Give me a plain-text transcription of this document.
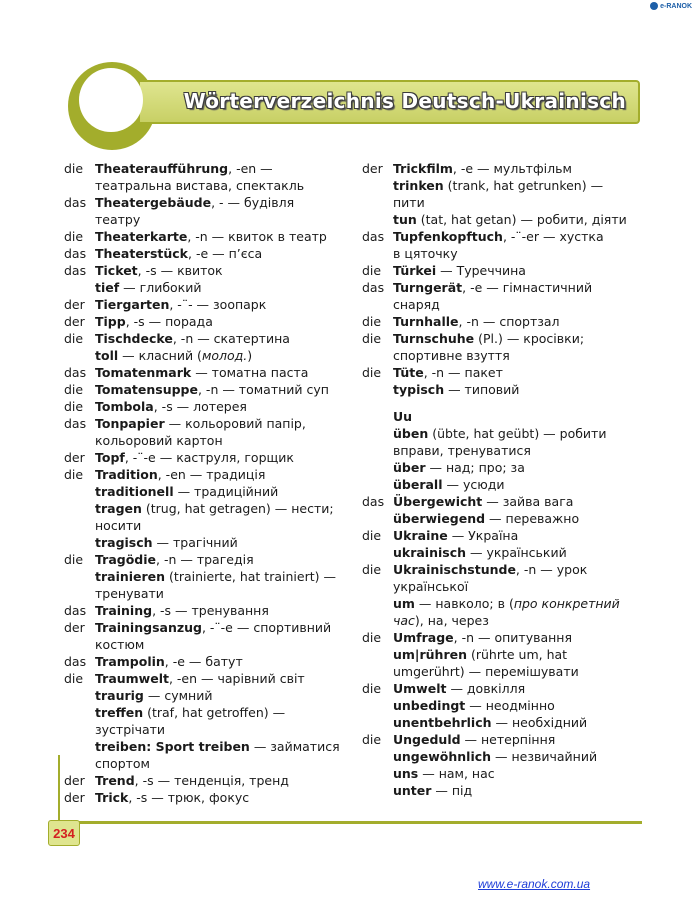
e-RANOK
Wörterverzeichnis Deutsch-Ukrainisch
die Theateraufführung, -en —
театральна вистава, спектакль
das Theatergebäude, - — будівля
театру
die Theaterkarte, -n — квиток в театр
das Theaterstück, -e — п’єса
das Ticket, -s — квиток
tief — глибокий
der Tiergarten, -¨- — зоопарк
der Tipp, -s — порада
die Tischdecke, -n — скатертина
toll — класний (молод.)
das Tomatenmark — томатна паста
die Tomatensuppe, -n — томатний суп
die Tombola, -s — лотерея
das Tonpapier — кольоровий папір,
кольоровий картон
der Topf, -¨-e — каструля, горщик
die Tradition, -en — традиція
traditionell — традиційний
tragen (trug, hat getragen) — нести;
носити
tragisch — трагічний
die Tragödie, -n — трагедія
trainieren (trainierte, hat trainiert) —
тренувати
das Training, -s — тренування
der Trainingsanzug, -¨-e — спортивний
костюм
das Trampolin, -e — батут
die Traumwelt, -en — чарівний світ
traurig — сумний
treffen (traf, hat getroffen) —
зустрічати
treiben: Sport treiben — займатися
спортом
der Trend, -s — тенденція, тренд
der Trick, -s — трюк, фокус
der Trickfilm, -e — мультфільм
trinken (trank, hat getrunken) —
пити
tun (tat, hat getan) — робити, діяти
das Tupfenkopftuch, -¨-er — хустка
в цяточку
die Türkei — Туреччина
das Turngerät, -e — гімнастичний
снаряд
die Turnhalle, -n — спортзал
die Turnschuhe (Pl.) — кросівки;
спортивне взуття
die Tüte, -n — пакет
typisch — типовий
Uu
üben (übte, hat geübt) — робити
вправи, тренуватися
über — над; про; за
überall — усюди
das Übergewicht — зайва вага
überwiegend — переважно
die Ukraine — Україна
ukrainisch — український
die Ukrainischstunde, -n — урок
української
um — навколо; в (про конкретний
час), на, через
die Umfrage, -n — опитування
um|rühren (rührte um, hat
umgerührt) — перемішувати
die Umwelt — довкілля
unbedingt — неодмінно
unentbehrlich — необхідний
die Ungeduld — нетерпіння
ungewöhnlich — незвичайний
uns — нам, нас
unter — під
234
www.e-ranok.com.ua
